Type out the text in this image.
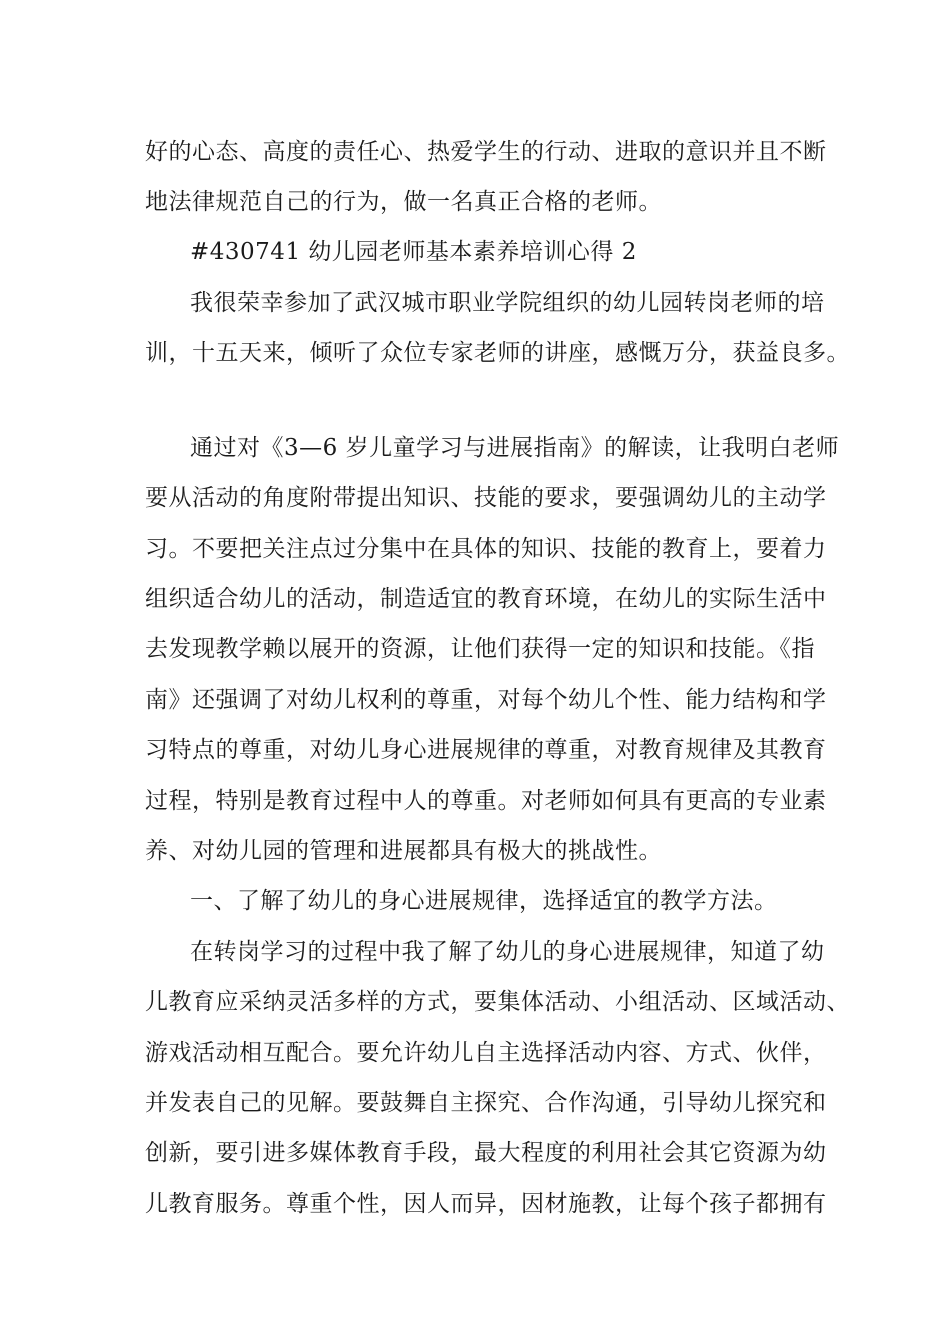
好的心态、高度的责任心、热爱学生的行动、进取的意识并且不断
地法律规范自己的行为，做一名真正合格的老师。
#430741 幼儿园老师基本素养培训心得 2
我很荣幸参加了武汉城市职业学院组织的幼儿园转岗老师的培
训，十五天来，倾听了众位专家老师的讲座，感慨万分，获益良多。
通过对《3—6 岁儿童学习与进展指南》的解读，让我明白老师
要从活动的角度附带提出知识、技能的要求，要强调幼儿的主动学
习。不要把关注点过分集中在具体的知识、技能的教育上，要着力
组织适合幼儿的活动，制造适宜的教育环境，在幼儿的实际生活中
去发现教学赖以展开的资源，让他们获得一定的知识和技能。《指
南》还强调了对幼儿权利的尊重，对每个幼儿个性、能力结构和学
习特点的尊重，对幼儿身心进展规律的尊重，对教育规律及其教育
过程，特别是教育过程中人的尊重。对老师如何具有更高的专业素
养、对幼儿园的管理和进展都具有极大的挑战性。
一、了解了幼儿的身心进展规律，选择适宜的教学方法。
在转岗学习的过程中我了解了幼儿的身心进展规律，知道了幼
儿教育应采纳灵活多样的方式，要集体活动、小组活动、区域活动、
游戏活动相互配合。要允许幼儿自主选择活动内容、方式、伙伴，
并发表自己的见解。要鼓舞自主探究、合作沟通，引导幼儿探究和
创新，要引进多媒体教育手段，最大程度的利用社会其它资源为幼
儿教育服务。尊重个性，因人而异，因材施教，让每个孩子都拥有
